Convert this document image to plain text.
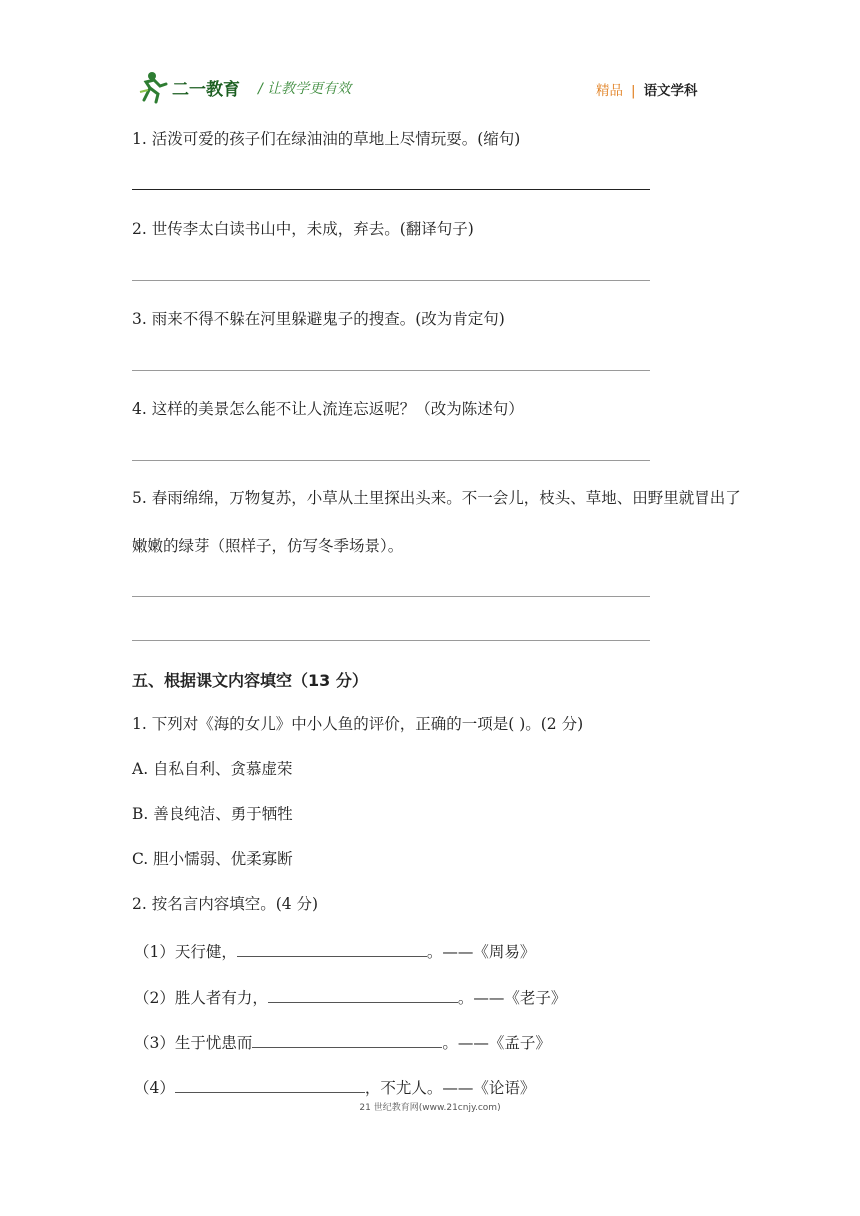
二一教育 / 让教学更有效	精品 | 语文学科
1. 活泼可爱的孩子们在绿油油的草地上尽情玩耍。(缩句)
2. 世传李太白读书山中，未成，弃去。(翻译句子)
3. 雨来不得不躲在河里躲避鬼子的搜查。(改为肯定句)
4. 这样的美景怎么能不让人流连忘返呢？（改为陈述句）
5. 春雨绵绵，万物复苏，小草从土里探出头来。不一会儿，枝头、草地、田野里就冒出了嫩嫩的绿芽（照样子，仿写冬季场景）。
五、根据课文内容填空（13 分）
1. 下列对《海的女儿》中小人鱼的评价，正确的一项是( )。(2 分)
A. 自私自利、贪慕虚荣
B. 善良纯洁、勇于牺牲
C. 胆小懦弱、优柔寡断
2. 按名言内容填空。(4 分)
（1）天行健，	。——《周易》
（2）胜人者有力，	。——《老子》
（3）生于忧患而	。——《孟子》
（4）	，不尤人。——《论语》
21 世纪教育网(www.21cnjy.com)
